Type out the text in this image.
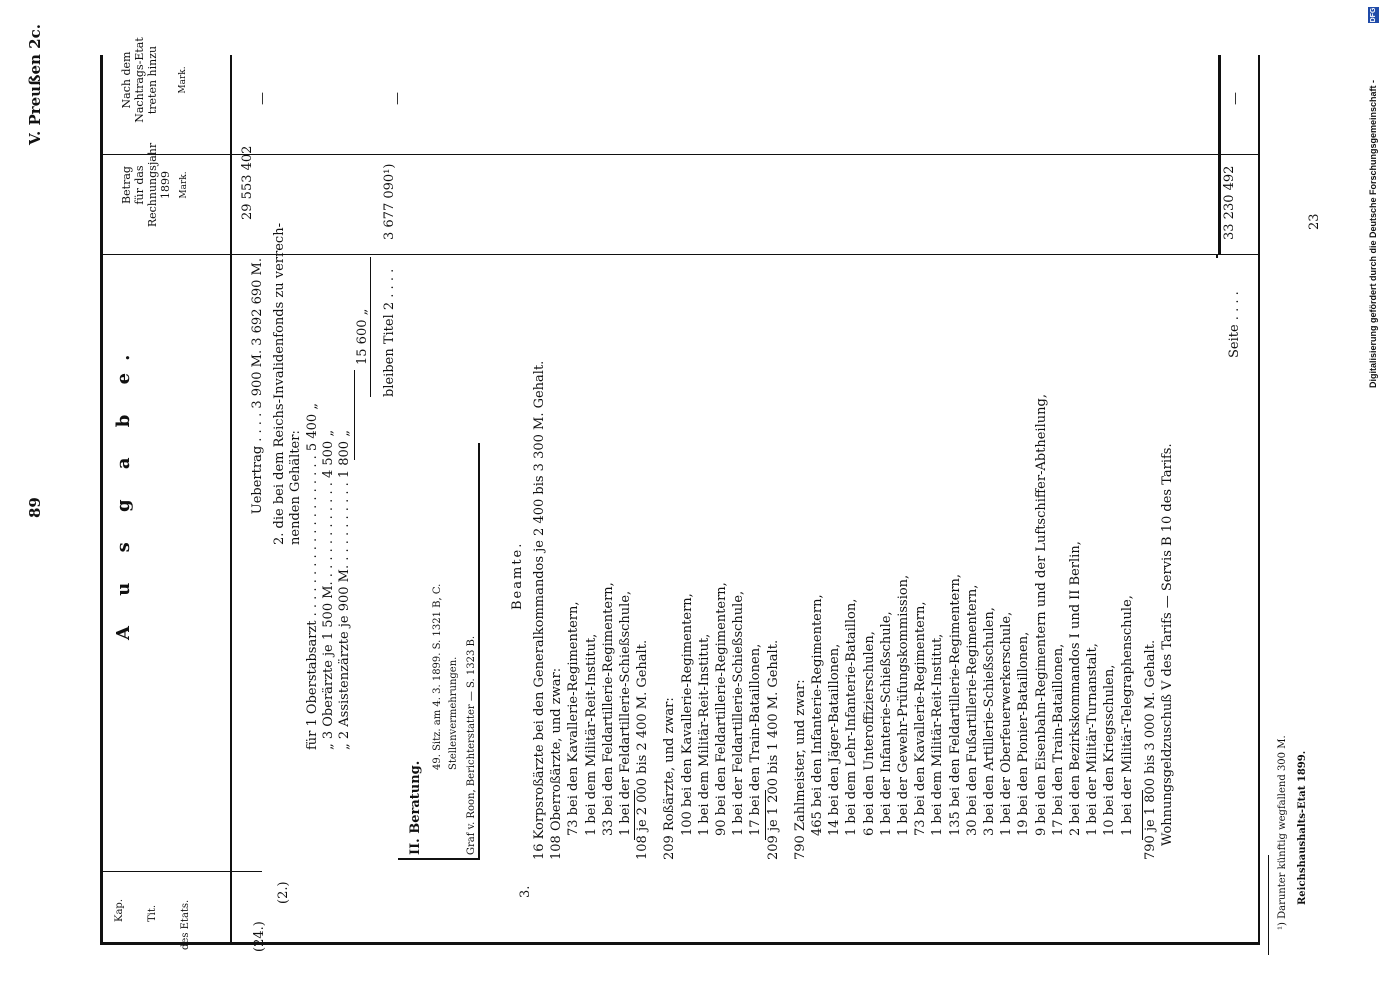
89
V. Preußen 2c.
Kap. Tit. des Etats.
A u s g a b e.
Betrag für das Rechnungsjahr 1899 Mark.
Nach dem Nachtrags-Etat treten hinzu Mark.
(24.)
(2.)	3.
Uebertrag . . . . 3 900 M. 3 692 690 M.
29 553 402
—
2. die bei dem Reichs-Invalidenfonds zu verrech- nenden Gehälter: für 1 Oberstabsarzt . . . . . . . . . . . . . . . . . . . . 5 400 „ „ 3 Oberärzte je 1 500 M. . . . . . . . . . . . . 4 500 „ „ 2 Assistenzärzte je 900 M. . . . . . . . . . . 1 800 „
15 600 „ bleiben Titel 2 . . . .
3 677 090¹)
—
II. Beratung.
49. Sitz. am 4. 3. 1899. S. 1321 B, C. Stellenvermehrungen. Graf v. Roon, Berichterstatter — S. 1323 B.
Beamte. 16 Korpsroßärzte bei den Generalkommandos je 2 400 bis 3 300 M. Gehalt. 108 Oberroßärzte, und zwar: 73 bei den Kavallerie-Regimentern, 1 bei dem Militär-Reit-Institut, 33 bei den Feldartillerie-Regimentern, 1 bei der Feldartillerie-Schießschule, 108 je 2 000 bis 2 400 M. Gehalt. 209 Roßärzte, und zwar: 100 bei den Kavallerie-Regimentern, 1 bei dem Militär-Reit-Institut, 90 bei den Feldartillerie-Regimentern, 1 bei der Feldartillerie-Schießschule, 17 bei den Train-Bataillonen, 209 je 1 200 bis 1 400 M. Gehalt. 790 Zahlmeister, und zwar: 465 bei den Infanterie-Regimentern, 14 bei den Jäger-Bataillonen, 1 bei dem Lehr-Infanterie-Bataillon, 6 bei den Unteroffizierschulen, 1 bei der Infanterie-Schießschule, 1 bei der Gewehr-Prüfungskommission, 73 bei den Kavallerie-Regimentern, 1 bei dem Militär-Reit-Institut, 135 bei den Feldartillerie-Regimentern, 30 bei den Fußartillerie-Regimentern, 3 bei den Artillerie-Schießschulen, 1 bei der Oberfeuerwerkerschule, 19 bei den Pionier-Bataillonen, 9 bei den Eisenbahn-Regimentern und der Luftschiffer-Abtheilung, 17 bei den Train-Bataillonen, 2 bei den Bezirkskommandos I und II Berlin, 1 bei der Militär-Turnanstalt, 10 bei den Kriegsschulen, 1 bei der Militär-Telegraphenschule, 790 je 1 800 bis 3 000 M. Gehalt. Wohnungsgeldzuschuß V des Tarifs — Servis B 10 des Tarifs.
Seite . . . .
33 230 492
—
23
¹) Darunter künftig wegfallend 300 M. Reichshaushalts-Etat 1899.
Digitalisierung gefördert durch die Deutsche Forschungsgemeinschaft -
DFG
